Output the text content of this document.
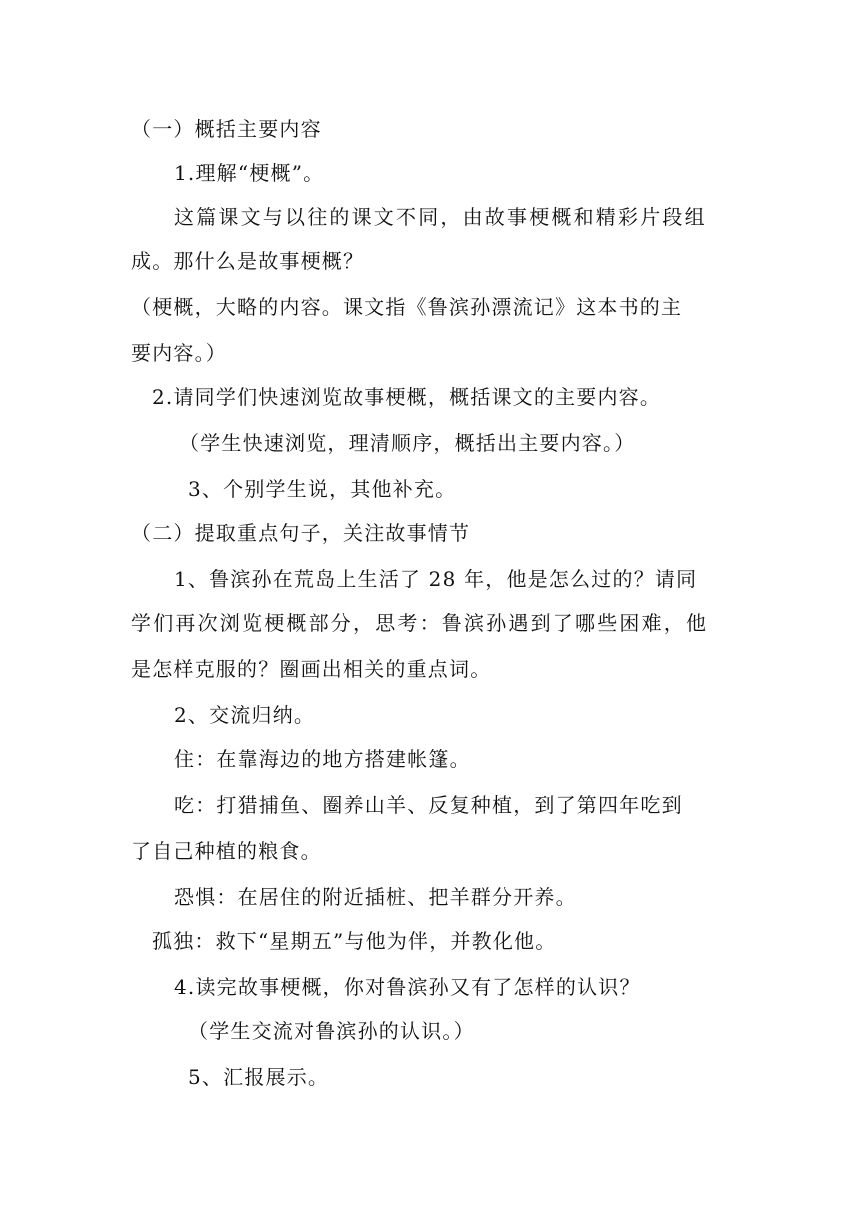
（一）概括主要内容
1.理解“梗概”。
这篇课文与以往的课文不同，由故事梗概和精彩片段组
成。那什么是故事梗概？
（梗概，大略的内容。课文指《鲁滨孙漂流记》这本书的主
要内容。）
2.请同学们快速浏览故事梗概，概括课文的主要内容。
（学生快速浏览，理清顺序，概括出主要内容。）
3、个别学生说，其他补充。
（二）提取重点句子，关注故事情节
1、鲁滨孙在荒岛上生活了 28 年，他是怎么过的？请同
学们再次浏览梗概部分，思考：鲁滨孙遇到了哪些困难，他
是怎样克服的？圈画出相关的重点词。
2、交流归纳。
住：在靠海边的地方搭建帐篷。
吃：打猎捕鱼、圈养山羊、反复种植，到了第四年吃到
了自己种植的粮食。
恐惧：在居住的附近插桩、把羊群分开养。
孤独：救下“星期五”与他为伴，并教化他。
4.读完故事梗概，你对鲁滨孙又有了怎样的认识？
（学生交流对鲁滨孙的认识。）
5、汇报展示。
